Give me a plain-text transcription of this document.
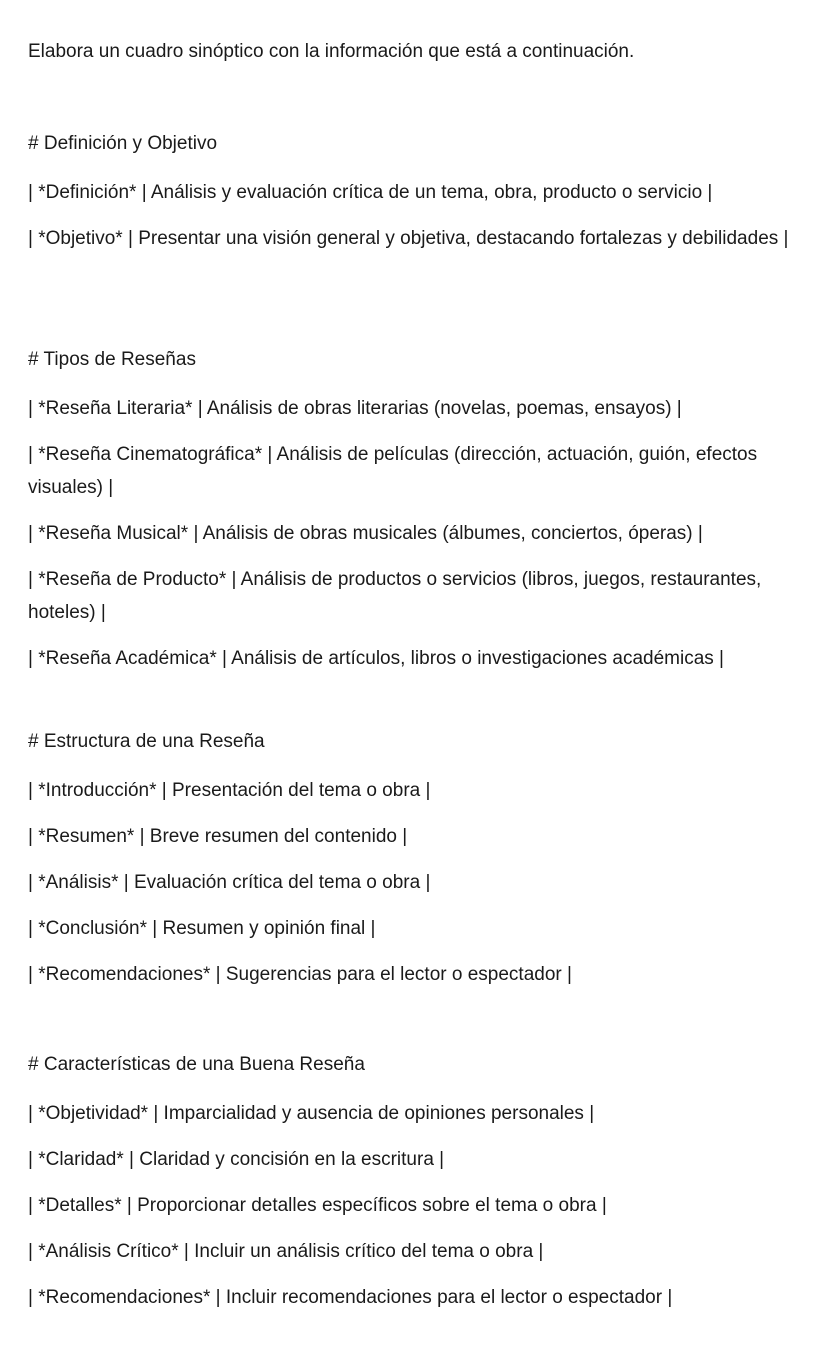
Elabora un cuadro sinóptico con la información que está a continuación.
# Definición y Objetivo
| *Definición* | Análisis y evaluación crítica de un tema, obra, producto o servicio |
| *Objetivo* | Presentar una visión general y objetiva, destacando fortalezas y debilidades |
# Tipos de Reseñas
| *Reseña Literaria* | Análisis de obras literarias (novelas, poemas, ensayos) |
| *Reseña Cinematográfica* | Análisis de películas (dirección, actuación, guión, efectos visuales) |
| *Reseña Musical* | Análisis de obras musicales (álbumes, conciertos, óperas) |
| *Reseña de Producto* | Análisis de productos o servicios (libros, juegos, restaurantes, hoteles) |
| *Reseña Académica* | Análisis de artículos, libros o investigaciones académicas |
# Estructura de una Reseña
| *Introducción* | Presentación del tema o obra |
| *Resumen* | Breve resumen del contenido |
| *Análisis* | Evaluación crítica del tema o obra |
| *Conclusión* | Resumen y opinión final |
| *Recomendaciones* | Sugerencias para el lector o espectador |
# Características de una Buena Reseña
| *Objetividad* | Imparcialidad y ausencia de opiniones personales |
| *Claridad* | Claridad y concisión en la escritura |
| *Detalles* | Proporcionar detalles específicos sobre el tema o obra |
| *Análisis Crítico* | Incluir un análisis crítico del tema o obra |
| *Recomendaciones* | Incluir recomendaciones para el lector o espectador |
